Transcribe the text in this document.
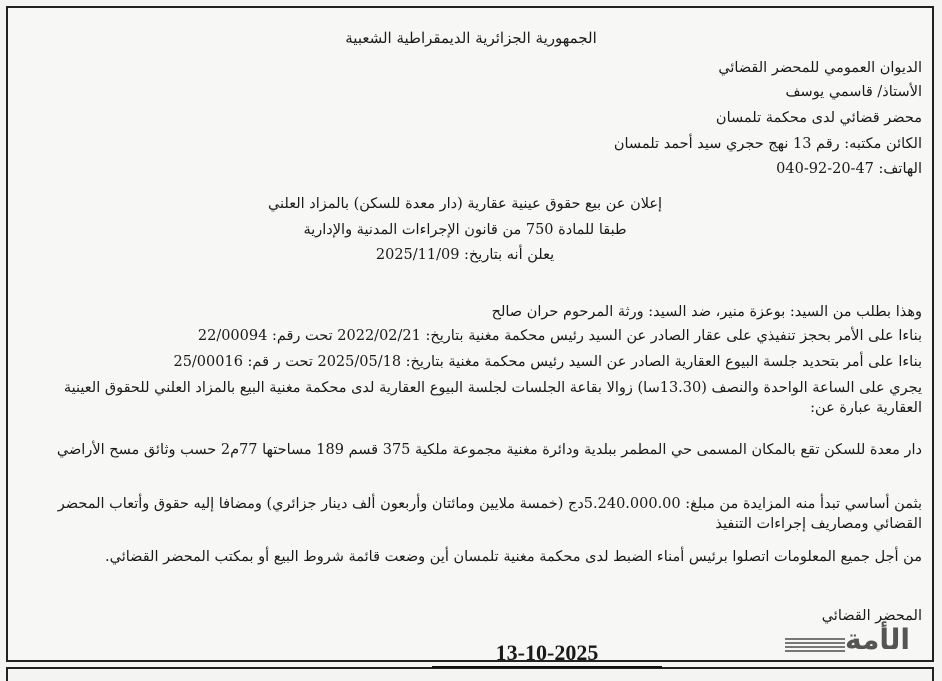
الجمهورية الجزائرية الديمقراطية الشعبية
الديوان العمومي للمحضر القضائي
الأستاذ/ قاسمي يوسف
محضر قضائي لدى محكمة تلمسان
الكائن مكتبه: رقم 13 نهج حجري سيد أحمد تلمسان
الهاتف: 47-20-92-040
إعلان عن بيع حقوق عينية عقارية (دار معدة للسكن) بالمزاد العلني
طبقا للمادة 750 من قانون الإجراءات المدنية والإدارية
يعلن أنه بتاريخ: 2025/11/09
وهذا بطلب من السيد: بوعزة منير، ضد السيد: ورثة المرحوم حران صالح
بناءا على الأمر بحجز تنفيذي على عقار الصادر عن السيد رئيس محكمة مغنية بتاريخ: 2022/02/21 تحت رقم: 22/00094
بناءا على أمر بتحديد جلسة البيوع العقارية الصادر عن السيد رئيس محكمة مغنية بتاريخ: 2025/05/18 تحت ر قم: 25/00016
يجري على الساعة الواحدة والنصف (13.30سا) زوالا بقاعة الجلسات لجلسة البيوع العقارية لدى محكمة مغنية البيع بالمزاد العلني للحقوق العينية العقارية عبارة عن:
دار معدة للسكن تقع بالمكان المسمى حي المطمر ببلدية ودائرة مغنية مجموعة ملكية 375 قسم 189 مساحتها 77م2 حسب وثائق مسح الأراضي
بثمن أساسي تبدأ منه المزايدة من مبلغ: 5.240.000.00دج (خمسة ملايين ومائتان وأربعون ألف دينار جزائري) ومضافا إليه حقوق وأتعاب المحضر القضائي ومصاريف إجراءات التنفيذ
من أجل جميع المعلومات اتصلوا برئيس أمناء الضبط لدى محكمة مغنية تلمسان أين وضعت قائمة شروط البيع أو بمكتب المحضر القضائي.
المحضر القضائي
13-10-2025	الأمة
